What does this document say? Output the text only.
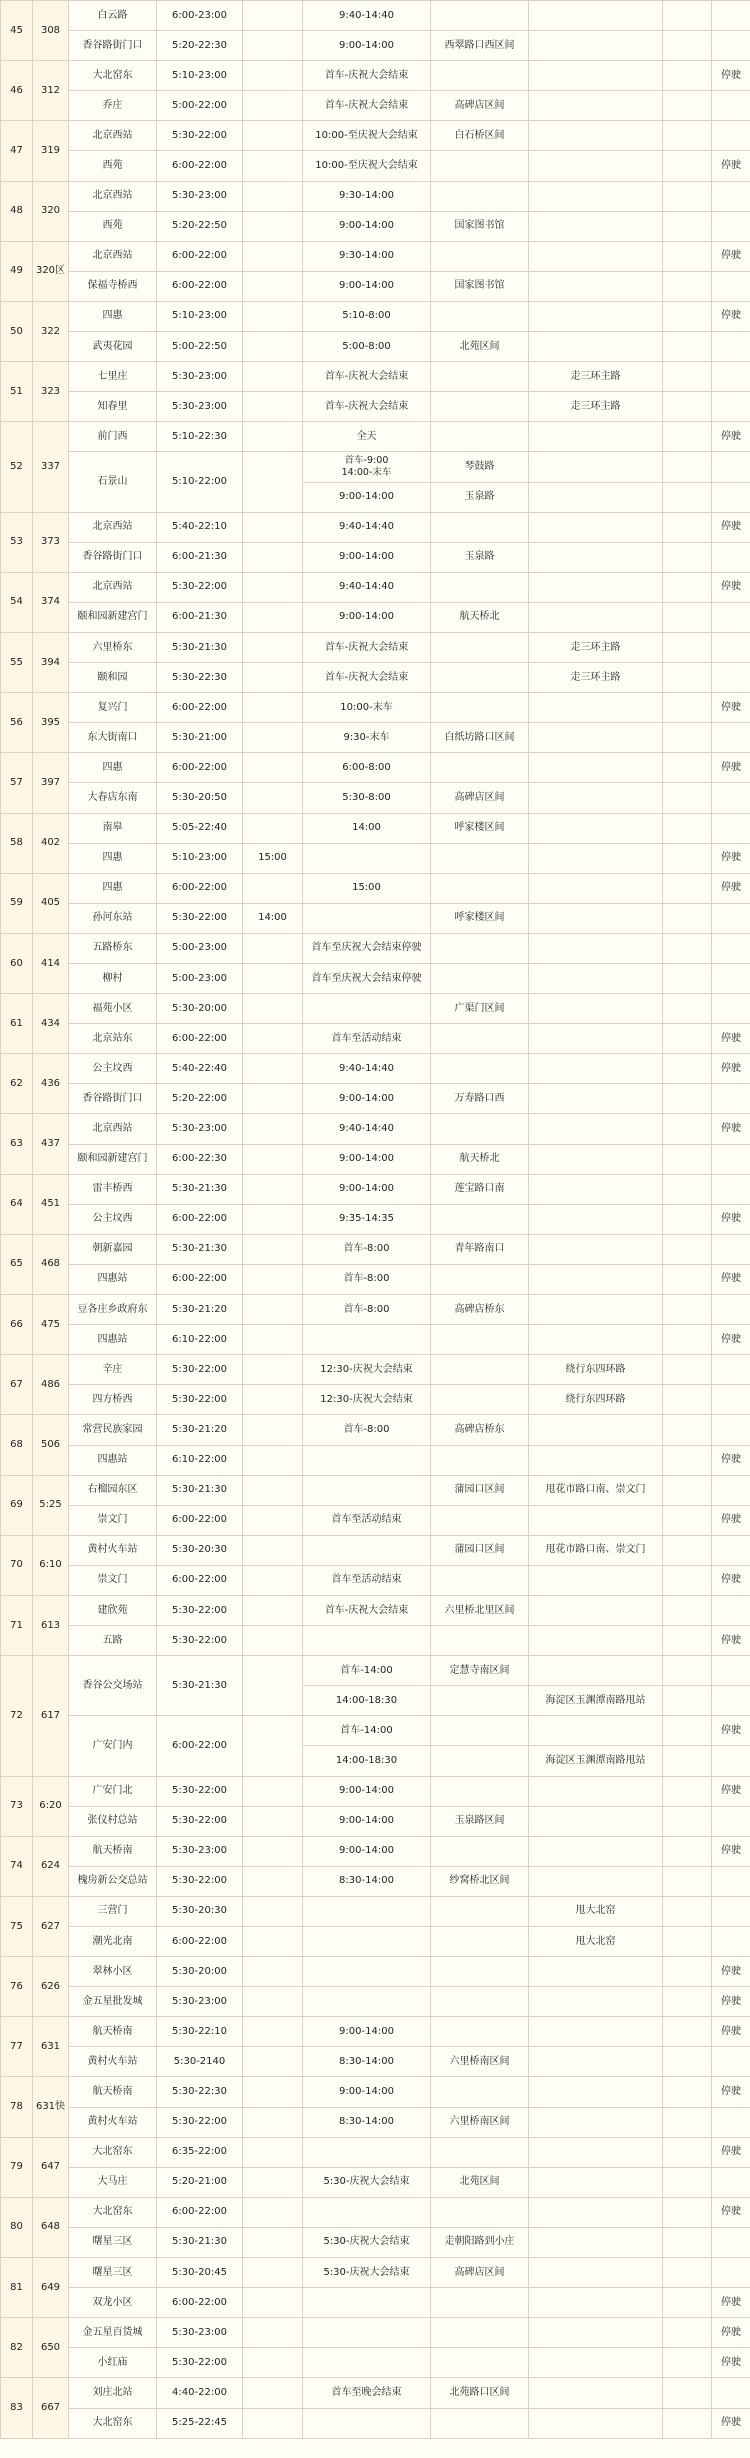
45	308	白云路	6:00-23:00		9:40-14:40				
		香谷路街门口	5:20-22:30		9:00-14:00	西翠路口西区间			
46	312	大北窑东	5:10-23:00		首车-庆祝大会结束				停驶
		乔庄	5:00-22:00		首车-庆祝大会结束	高碑店区间			
47	319	北京西站	5:30-22:00		10:00-至庆祝大会结束	白石桥区间			
		西苑	6:00-22:00		10:00-至庆祝大会结束				停驶
48	320	北京西站	5:30-23:00		9:30-14:00				
		西苑	5:20-22:50		9:00-14:00	国家图书馆			
49	320区	北京西站	6:00-22:00		9:30-14:00				停驶
		保福寺桥西	6:00-22:00		9:00-14:00	国家图书馆			
50	322	四惠	5:10-23:00		5:10-8:00				停驶
		武夷花园	5:00-22:50		5:00-8:00	北苑区间			
51	323	七里庄	5:30-23:00		首车-庆祝大会结束		走三环主路		
		知春里	5:30-23:00		首车-庆祝大会结束		走三环主路		
52	337	前门西	5:10-22:30		全天				停驶
		石景山	5:10-22:00		首车-9:00
14:00-末车	琴鼓路			
					9:00-14:00	玉泉路			
53	373	北京西站	5:40-22:10		9:40-14:40				停驶
		香谷路街门口	6:00-21:30		9:00-14:00	玉泉路			
54	374	北京西站	5:30-22:00		9:40-14:40				停驶
		颐和园新建宫门	6:00-21:30		9:00-14:00	航天桥北			
55	394	六里桥东	5:30-21:30		首车-庆祝大会结束		走三环主路		
		颐和园	5:30-22:30		首车-庆祝大会结束		走三环主路		
56	395	复兴门	6:00-22:00		10:00-末车				停驶
		东大街南口	5:30-21:00		9:30-末车	白纸坊路口区间			
57	397	四惠	6:00-22:00		6:00-8:00				停驶
		大春店东南	5:30-20:50		5:30-8:00	高碑店区间			
58	402	南皋	5:05-22:40		14:00	呼家楼区间			
		四惠	5:10-23:00	15:00					停驶
59	405	四惠	6:00-22:00		15:00				停驶
		孙河东站	5:30-22:00	14:00		呼家楼区间			
60	414	五路桥东	5:00-23:00		首车至庆祝大会结束停驶				
		柳村	5:00-23:00		首车至庆祝大会结束停驶				
61	434	福苑小区	5:30-20:00			广渠门区间			
		北京站东	6:00-22:00		首车至活动结束				停驶
62	436	公主坟西	5:40-22:40		9:40-14:40				停驶
		香谷路街门口	5:20-22:00		9:00-14:00	万寿路口西			
63	437	北京西站	5:30-23:00		9:40-14:40				停驶
		颐和园新建宫门	6:00-22:30		9:00-14:00	航天桥北			
64	451	雷丰桥西	5:30-21:30		9:00-14:00	莲宝路口南			
		公主坟西	6:00-22:00		9:35-14:35				停驶
65	468	朝新嘉园	5:30-21:30		首车-8:00	青年路南口			
		四惠站	6:00-22:00		首车-8:00				停驶
66	475	豆各庄乡政府东	5:30-21:20		首车-8:00	高碑店桥东			
		四惠站	6:10-22:00						停驶
67	486	辛庄	5:30-22:00		12:30-庆祝大会结束		绕行东四环路		
		四方桥西	5:30-22:00		12:30-庆祝大会结束		绕行东四环路		
68	506	常营民族家园	5:30-21:20		首车-8:00	高碑店桥东			
		四惠站	6:10-22:00						停驶
69	5:25	右榴园东区	5:30-21:30			蒲园口区间	甩花市路口南、崇文门		
		崇文门	6:00-22:00		首车至活动结束				停驶
70	6:10	黄村火车站	5:30-20:30			蒲园口区间	甩花市路口南、崇文门		
		崇文门	6:00-22:00		首车至活动结束				停驶
71	613	建欣苑	5:30-22:00		首车-庆祝大会结束	六里桥北里区间			
		五路	5:30-22:00						停驶
72	617	香谷公交场站	5:30-21:30		首车-14:00	定慧寺南区间			
					14:00-18:30		海淀区玉渊潭南路甩站		
		广安门内	6:00-22:00		首车-14:00				停驶
					14:00-18:30		海淀区玉渊潭南路甩站		
73	6:20	广安门北	5:30-22:00		9:00-14:00				停驶
		张仪村总站	5:30-22:00		9:00-14:00	玉泉路区间			
74	624	航天桥南	5:30-23:00		9:00-14:00				停驶
		槐房新公交总站	5:30-22:00		8:30-14:00	纱窝桥北区间			
75	627	三营门	5:30-20:30				甩大北窑		
		潮光北南	6:00-22:00				甩大北窑		
76	626	翠林小区	5:30-20:00						停驶
		金五星批发城	5:30-23:00						停驶
77	631	航天桥南	5:30-22:10		9:00-14:00				停驶
		黄村火车站	5:30-2140		8:30-14:00	六里桥南区间			
78	631快	航天桥南	5:30-22:30		9:00-14:00				停驶
		黄村火车站	5:30-22:00		8:30-14:00	六里桥南区间			
79	647	大北窑东	6:35-22:00						停驶
		大马庄	5:20-21:00		5:30-庆祝大会结束	北苑区间			
80	648	大北窑东	6:00-22:00						停驶
		曙星三区	5:30-21:30		5:30-庆祝大会结束	走朝阳路到小庄			
81	649	曙星三区	5:30-20:45		5:30-庆祝大会结束	高碑店区间			
		双龙小区	6:00-22:00						停驶
82	650	金五星百货城	5:30-23:00						停驶
		小红庙	5:30-22:00						停驶
83	667	刘庄北站	4:40-22:00		首车至晚会结束	北苑路口区间			
		大北窑东	5:25-22:45						停驶
